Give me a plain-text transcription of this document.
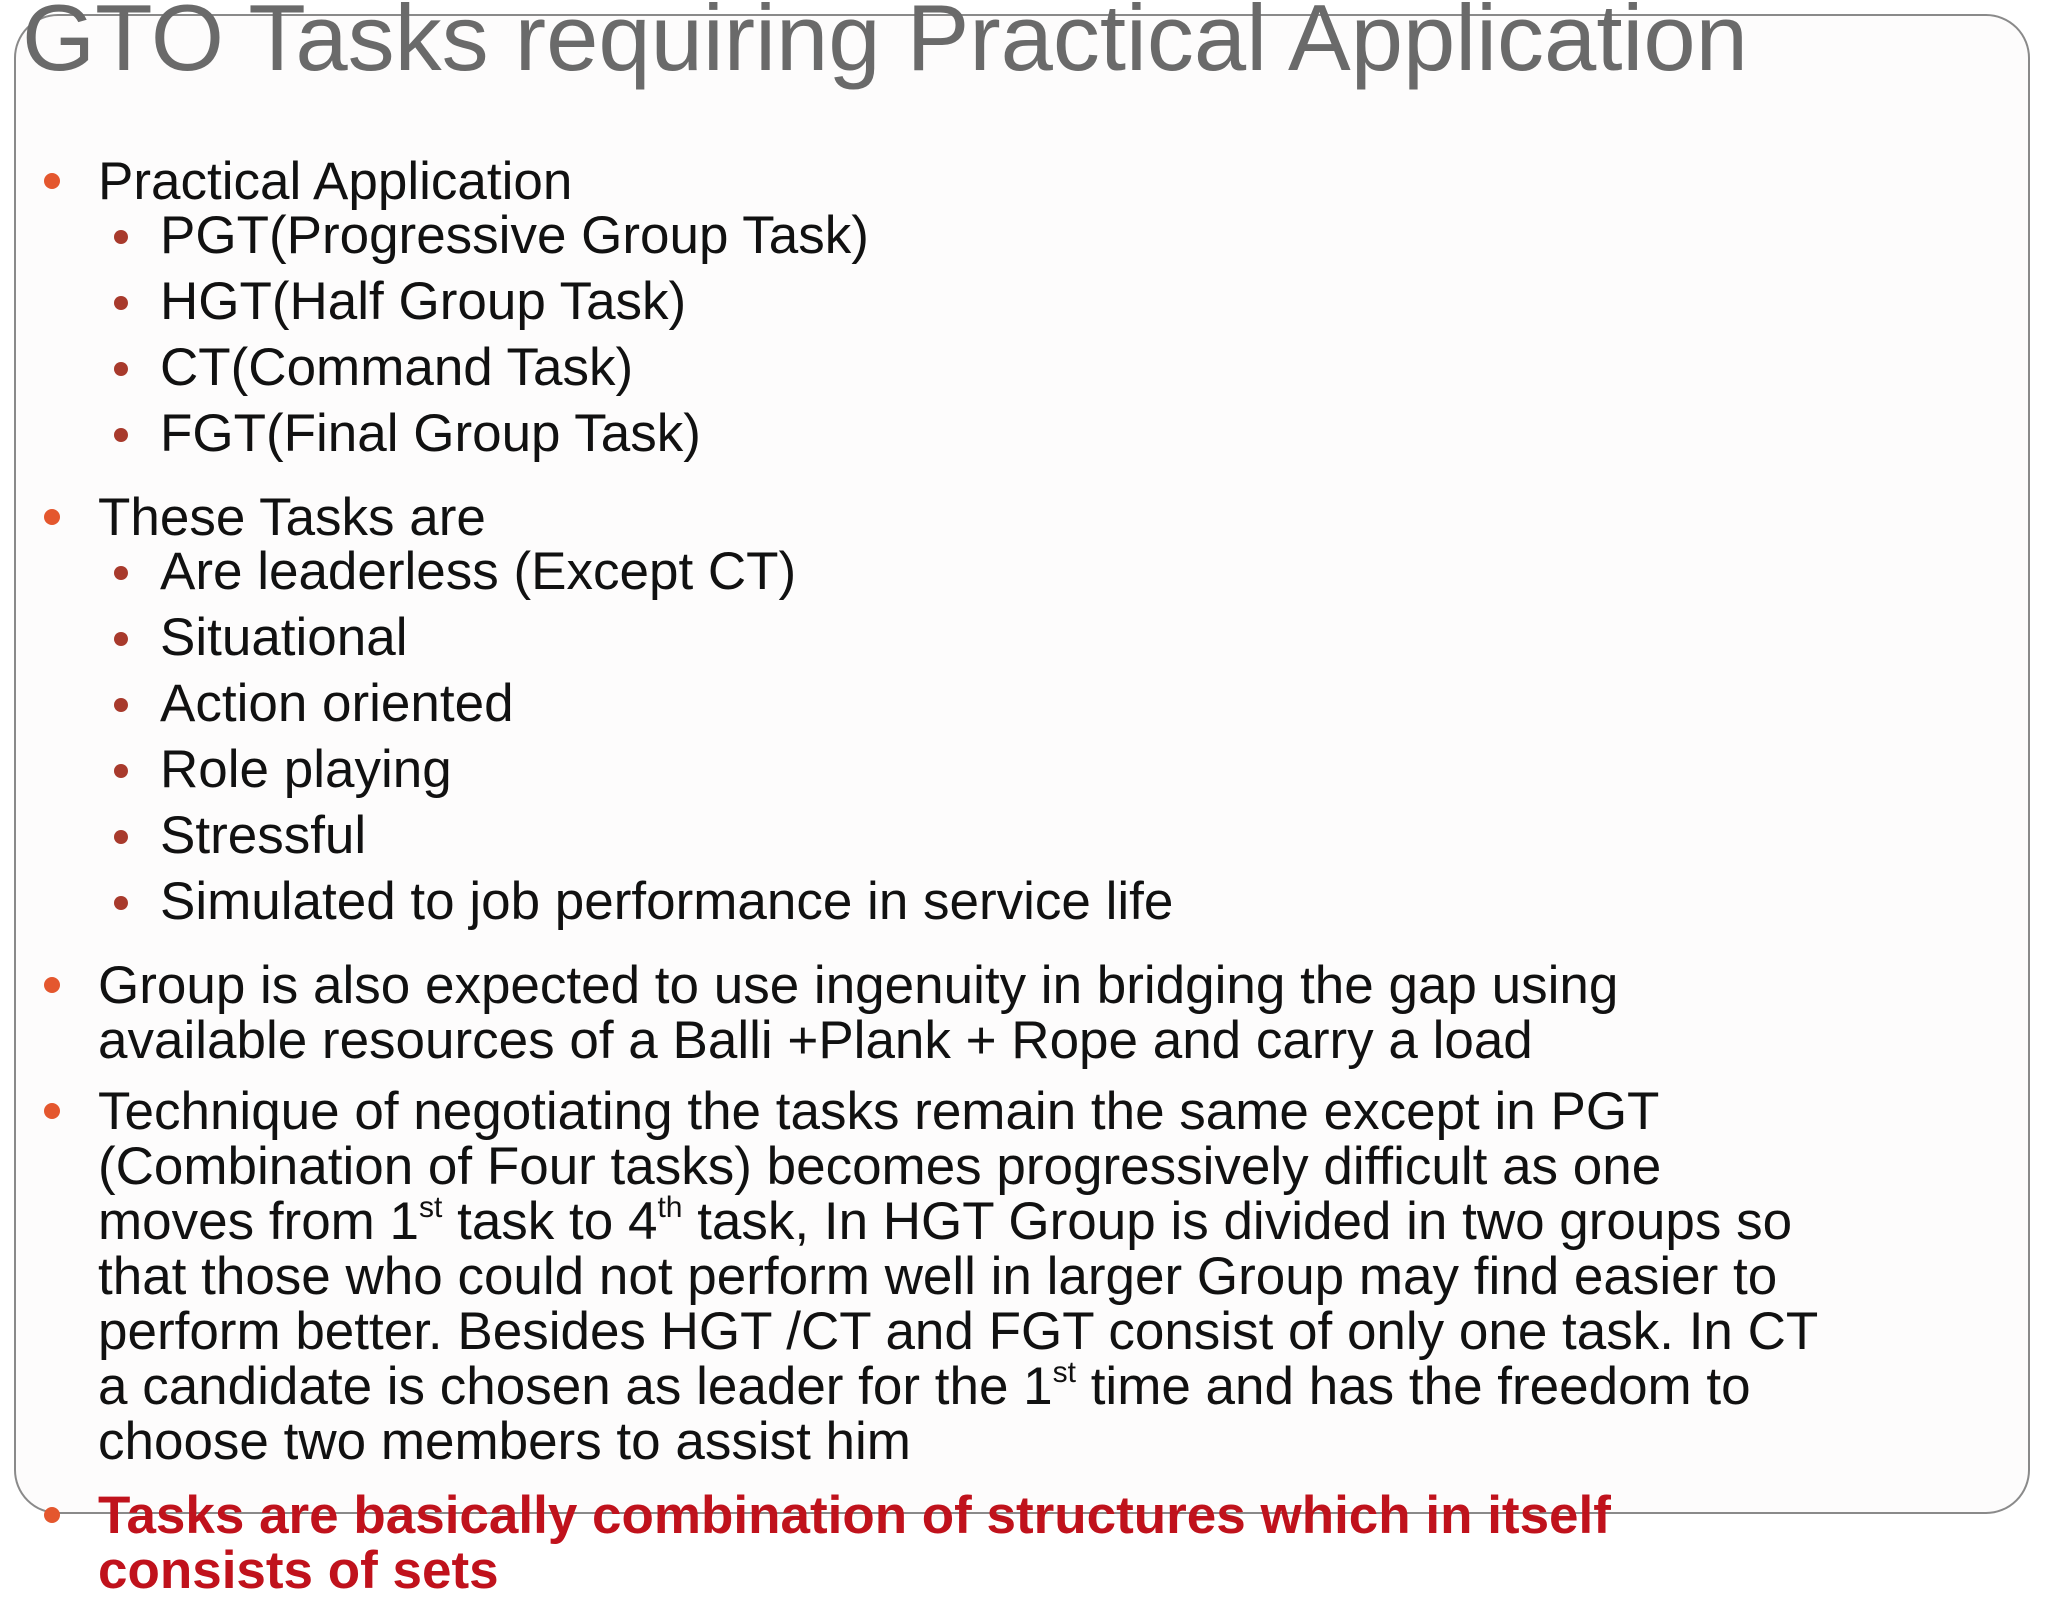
Practical Application
PGT(Progressive Group Task)
HGT(Half Group Task)
CT(Command Task)
FGT(Final Group Task)
These Tasks are
Are leaderless (Except CT)
Situational
Action oriented
Role playing
Stressful
Simulated to job performance in service life
Group is also expected to use ingenuity in bridging the gap using
available resources of a Balli +Plank + Rope and carry a load
Technique of negotiating the tasks remain the same except in PGT
(Combination of Four tasks) becomes progressively difficult as one
moves from 1st task to 4th task, In HGT Group is divided in two groups so
that those who could not perform well in larger Group may find easier to
perform better. Besides HGT /CT and FGT consist of only one task. In CT
a candidate is chosen as leader for the 1st time and has the freedom to
choose two members to assist him
Tasks are basically combination of structures which in itself
consists of sets
GTO Tasks requiring Practical Application
